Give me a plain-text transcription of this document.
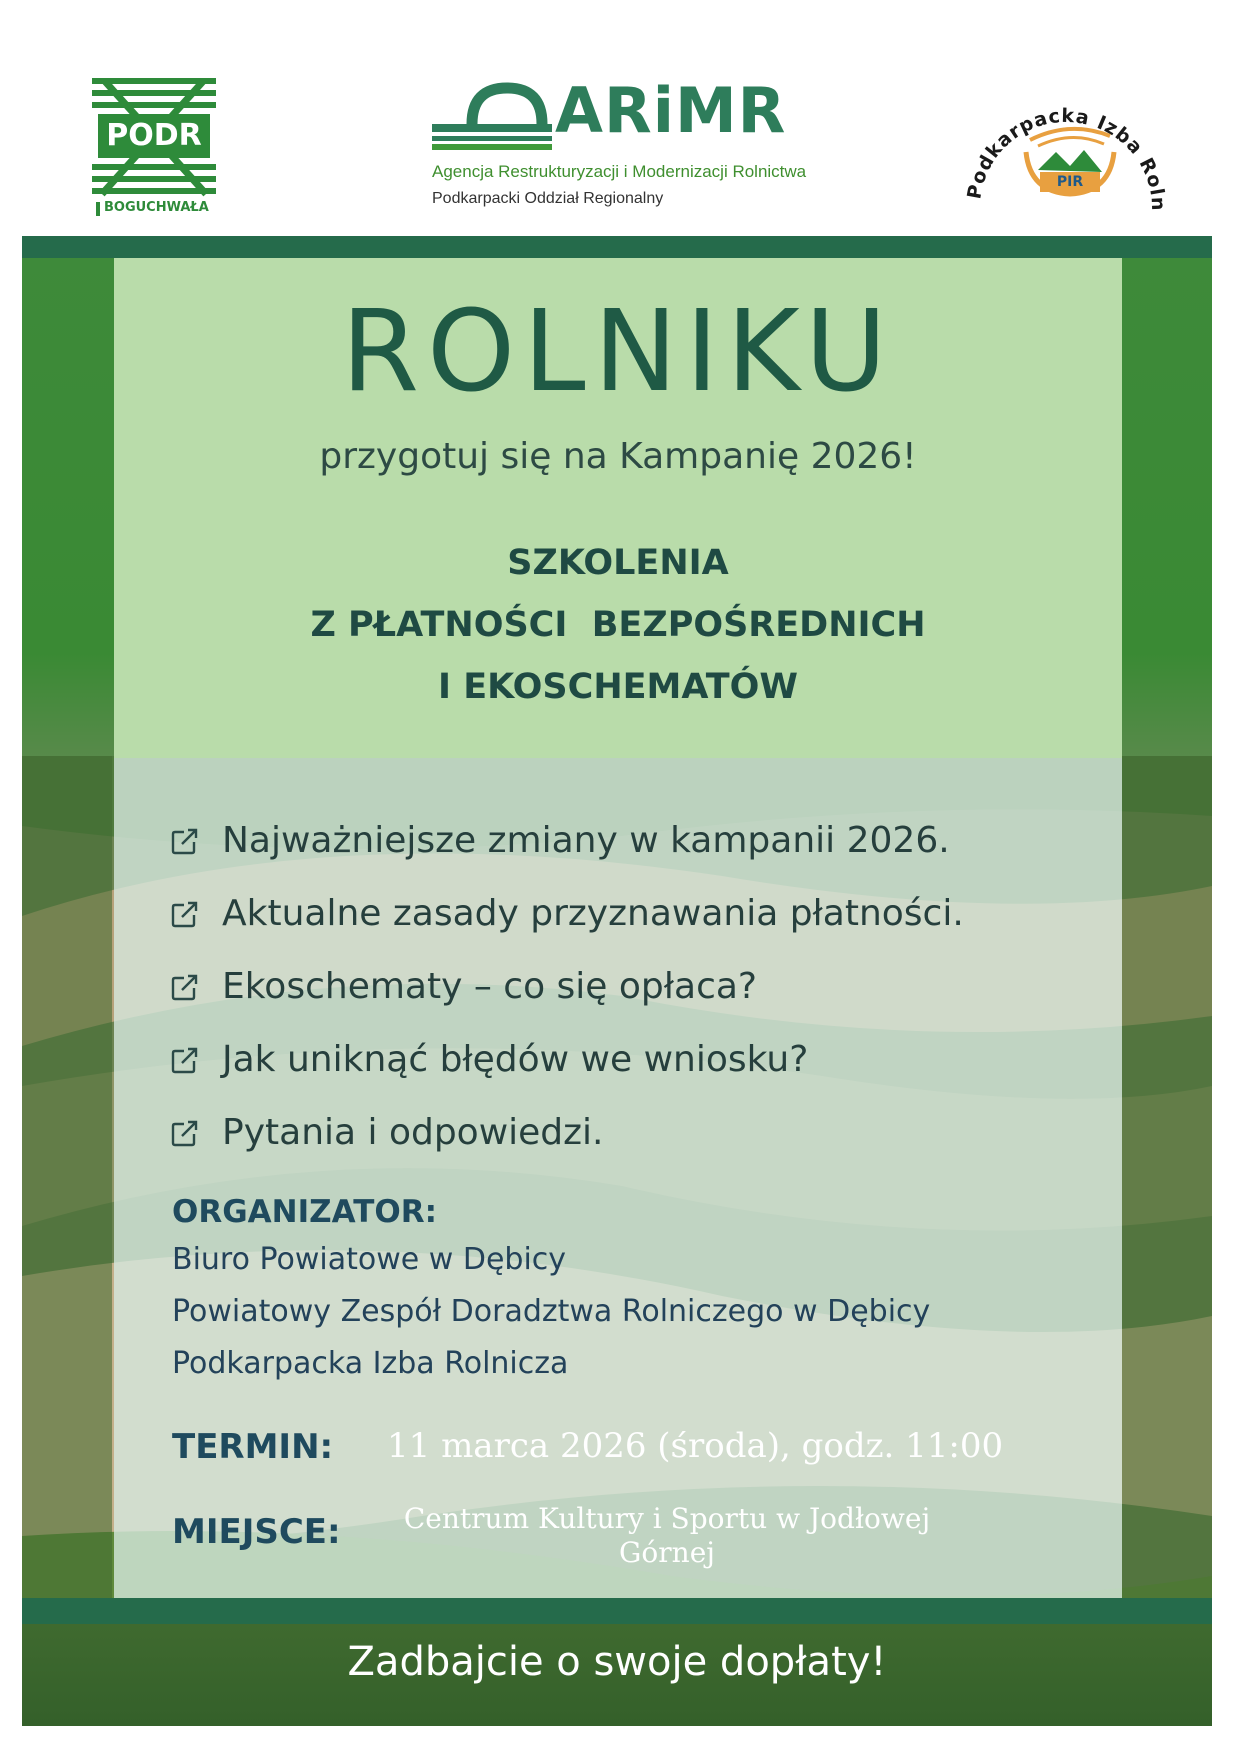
PODR
BOGUCHWAŁA
ARiMR
Agencja Restrukturyzacji i Modernizacji Rolnictwa
Podkarpacki Oddział Regionalny	Podkarpacka Izba Roln
PIR
ROLNIKU
przygotuj się na Kampanię 2026!
SZKOLENIA
Z PŁATNOŚCI  BEZPOŚREDNICH
I EKOSCHEMATÓW
Najważniejsze zmiany w kampanii 2026.
Aktualne zasady przyznawania płatności.
Ekoschematy – co się opłaca?
Jak uniknąć błędów we wniosku?
Pytania i odpowiedzi.
ORGANIZATOR:
Biuro Powiatowe w Dębicy
Powiatowy Zespół Doradztwa Rolniczego w Dębicy
Podkarpacka Izba Rolnicza
TERMIN: 11 marca 2026 (środa), godz. 11:00
MIEJSCE:	Centrum Kultury i Sportu w Jodłowej
Górnej
Zadbajcie o swoje dopłaty!
